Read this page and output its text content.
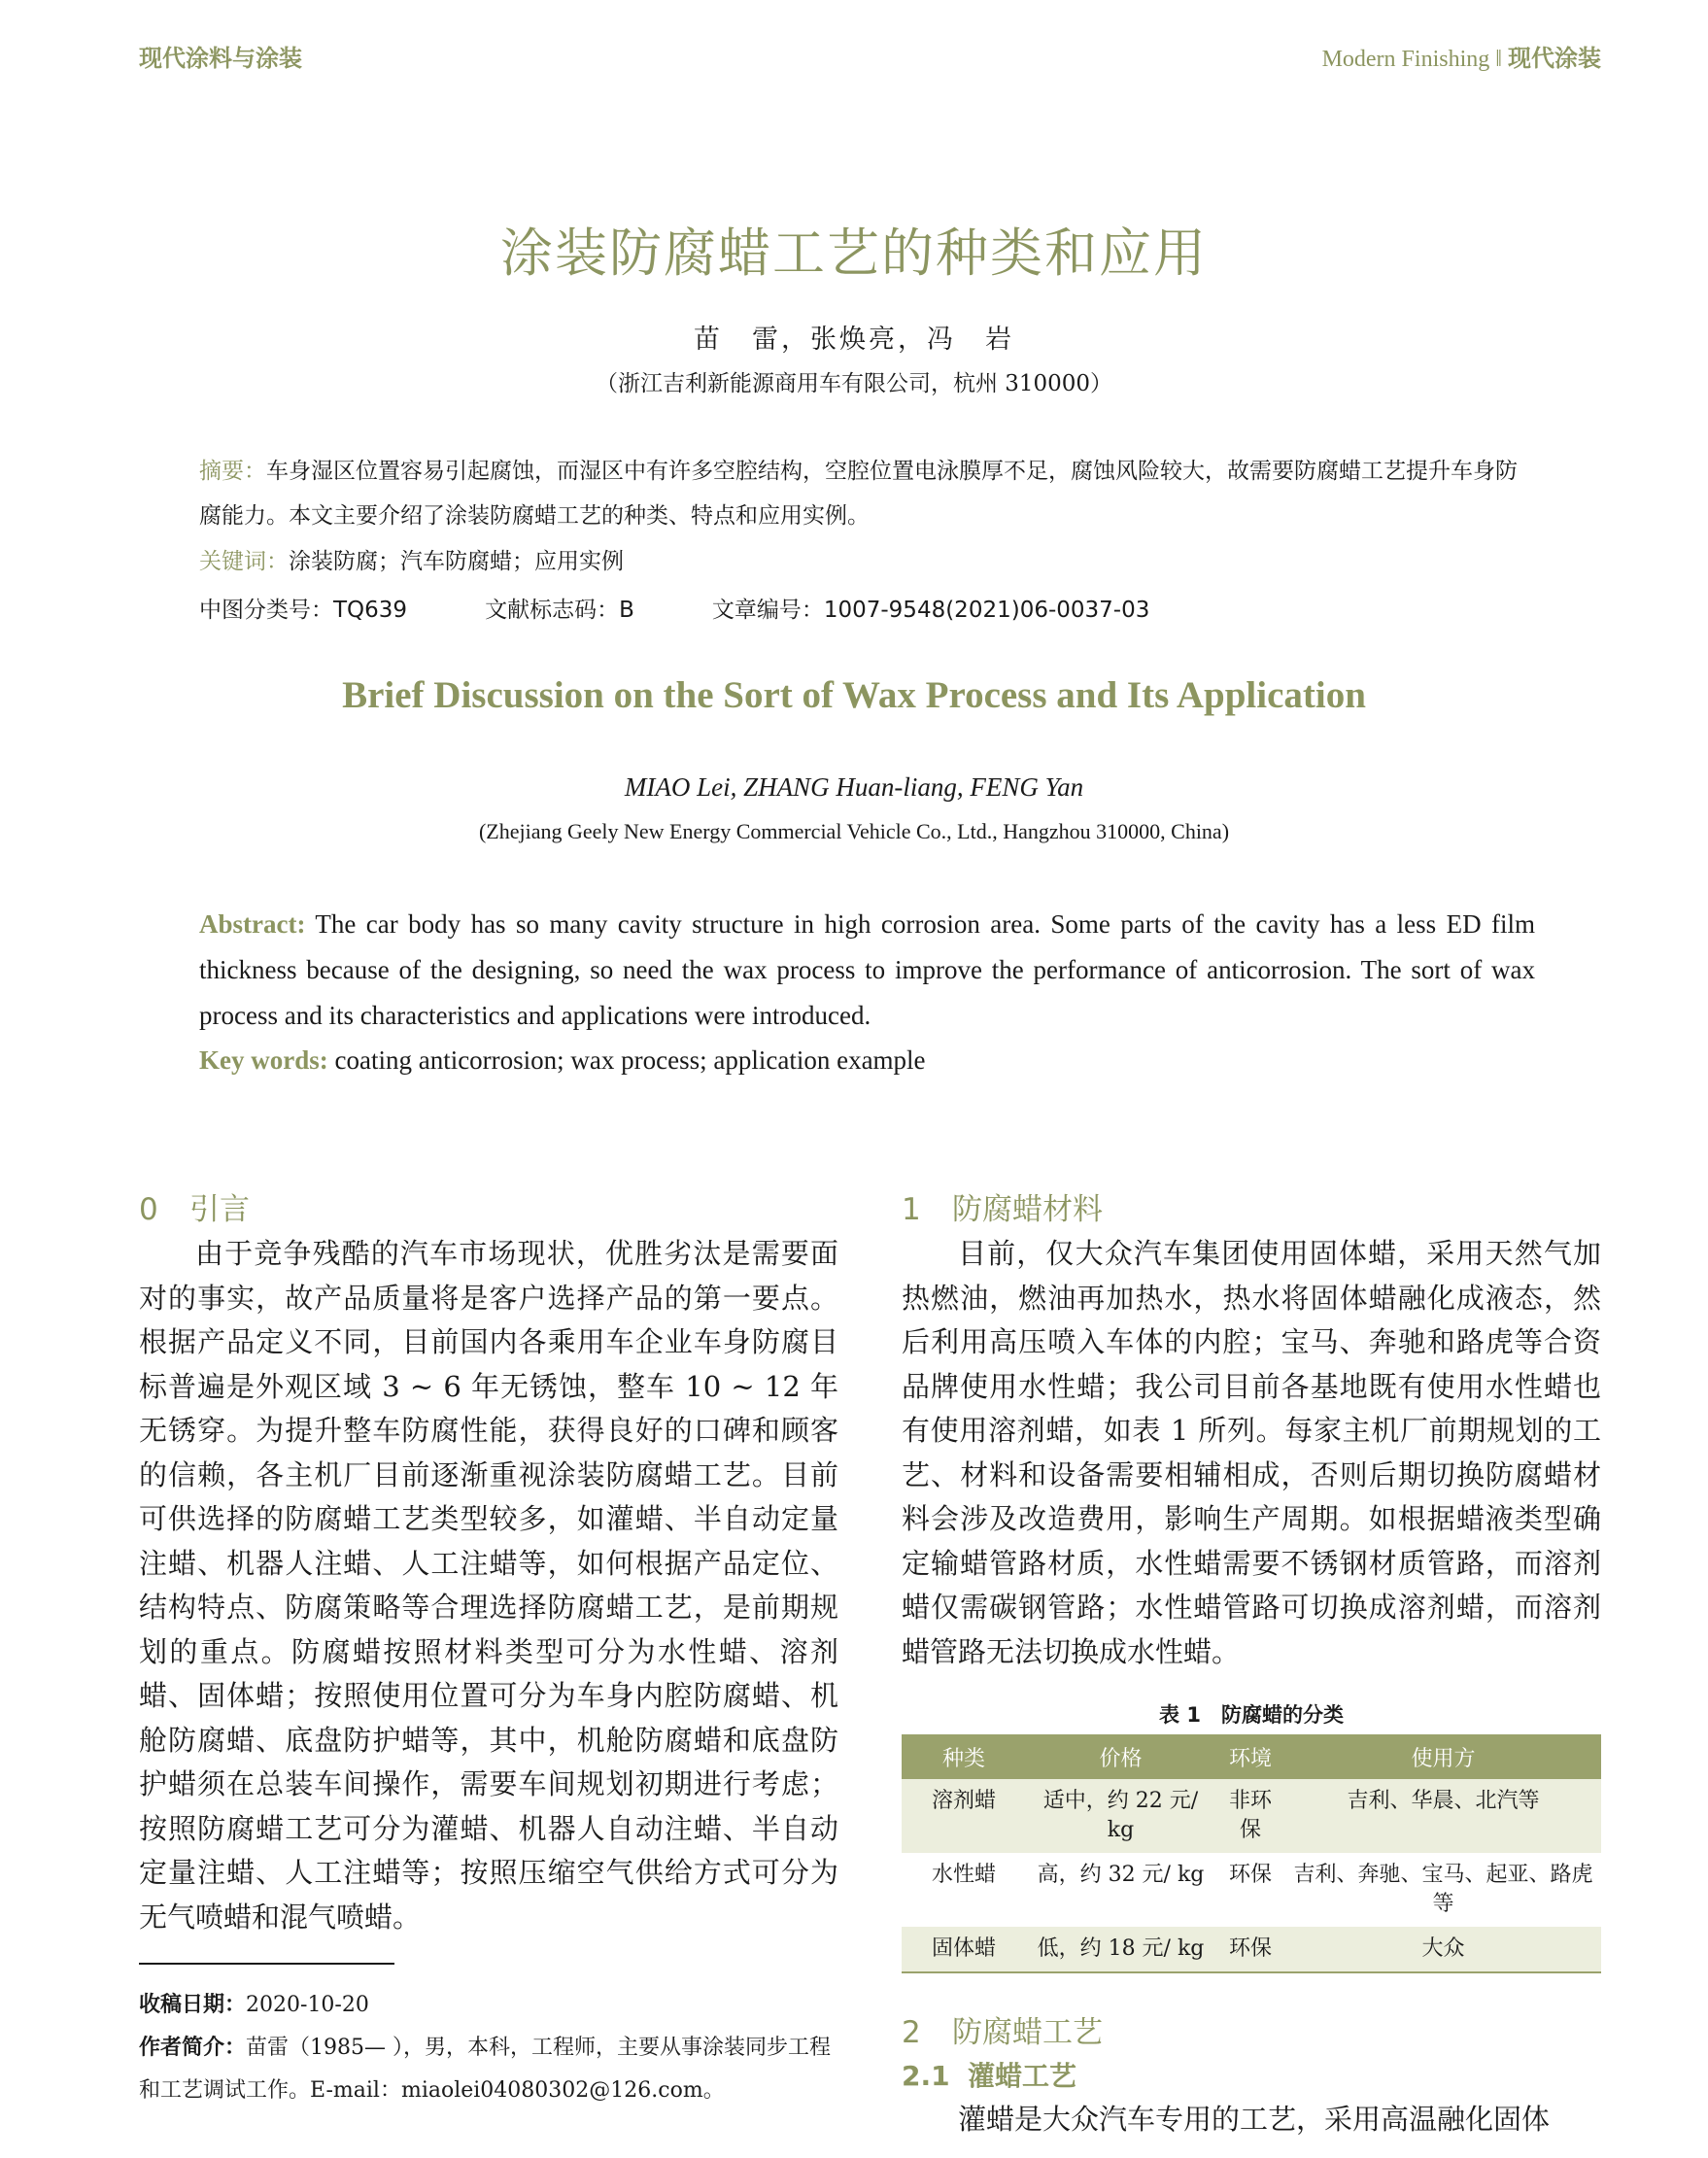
现代涂料与涂装	Modern Finishing ‖ 现代涂装
涂装防腐蜡工艺的种类和应用
苗　雷，张焕亮，冯　岩
（浙江吉利新能源商用车有限公司，杭州 310000）
摘要：车身湿区位置容易引起腐蚀，而湿区中有许多空腔结构，空腔位置电泳膜厚不足，腐蚀风险较大，故需要防腐蜡工艺提升车身防腐能力。本文主要介绍了涂装防腐蜡工艺的种类、特点和应用实例。
关键词：涂装防腐；汽车防腐蜡；应用实例
中图分类号：TQ639	文献标志码：B	文章编号：1007-9548(2021)06-0037-03
Brief Discussion on the Sort of Wax Process and Its Application
MIAO Lei, ZHANG Huan-liang, FENG Yan
(Zhejiang Geely New Energy Commercial Vehicle Co., Ltd., Hangzhou 310000, China)
Abstract: The car body has so many cavity structure in high corrosion area. Some parts of the cavity has a less ED film thickness because of the designing, so need the wax process to improve the performance of anticorrosion. The sort of wax process and its characteristics and applications were introduced.
Key words: coating anticorrosion; wax process; application example
0 引言

由于竞争残酷的汽车市场现状，优胜劣汰是需要面对的事实，故产品质量将是客户选择产品的第一要点。根据产品定义不同，目前国内各乘用车企业车身防腐目标普遍是外观区域 3 ~ 6 年无锈蚀，整车 10 ~ 12 年无锈穿。为提升整车防腐性能，获得良好的口碑和顾客的信赖，各主机厂目前逐渐重视涂装防腐蜡工艺。目前可供选择的防腐蜡工艺类型较多，如灌蜡、半自动定量注蜡、机器人注蜡、人工注蜡等，如何根据产品定位、结构特点、防腐策略等合理选择防腐蜡工艺，是前期规划的重点。防腐蜡按照材料类型可分为水性蜡、溶剂蜡、固体蜡；按照使用位置可分为车身内腔防腐蜡、机舱防腐蜡、底盘防护蜡等，其中，机舱防腐蜡和底盘防护蜡须在总装车间操作，需要车间规划初期进行考虑；按照防腐蜡工艺可分为灌蜡、机器人自动注蜡、半自动定量注蜡、人工注蜡等；按照压缩空气供给方式可分为无气喷蜡和混气喷蜡。

1 防腐蜡材料

目前，仅大众汽车集团使用固体蜡，采用天然气加热燃油，燃油再加热水，热水将固体蜡融化成液态，然后利用高压喷入车体的内腔；宝马、奔驰和路虎等合资品牌使用水性蜡；我公司目前各基地既有使用水性蜡也有使用溶剂蜡，如表 1 所列。每家主机厂前期规划的工艺、材料和设备需要相辅相成，否则后期切换防腐蜡材料会涉及改造费用，影响生产周期。如根据蜡液类型确定输蜡管路材质，水性蜡需要不锈钢材质管路，而溶剂蜡仅需碳钢管路；水性蜡管路可切换成溶剂蜡，而溶剂蜡管路无法切换成水性蜡。

表 1　防腐蜡的分类
种类	价格	环境	使用方
溶剂蜡	适中，约 22 元/ kg	非环保	吉利、华晨、北汽等
水性蜡	高，约 32 元/ kg	环保	吉利、奔驰、宝马、起亚、路虎等
固体蜡	低，约 18 元/ kg	环保	大众
2 防腐蜡工艺
2.1 灌蜡工艺

灌蜡是大众汽车专用的工艺，采用高温融化固体

收稿日期：2020-10-20
作者简介：苗雷（1985— ），男，本科，工程师，主要从事涂装同步工程和工艺调试工作。E-mail：miaolei04080302@126.com。
